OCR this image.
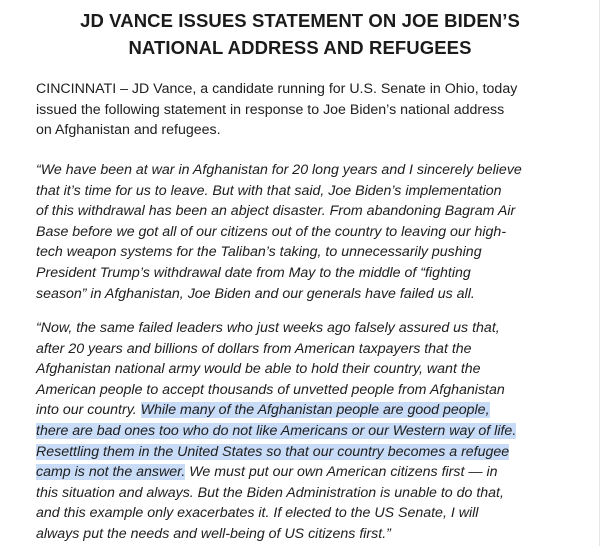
JD VANCE ISSUES STATEMENT ON JOE BIDEN’S
NATIONAL ADDRESS AND REFUGEES
CINCINNATI – JD Vance, a candidate running for U.S. Senate in Ohio, today
issued the following statement in response to Joe Biden’s national address
on Afghanistan and refugees.
“We have been at war in Afghanistan for 20 long years and I sincerely believe
that it’s time for us to leave. But with that said, Joe Biden’s implementation
of this withdrawal has been an abject disaster. From abandoning Bagram Air
Base before we got all of our citizens out of the country to leaving our high-
tech weapon systems for the Taliban’s taking, to unnecessarily pushing
President Trump’s withdrawal date from May to the middle of “fighting
season” in Afghanistan, Joe Biden and our generals have failed us all.
“Now, the same failed leaders who just weeks ago falsely assured us that,
after 20 years and billions of dollars from American taxpayers that the
Afghanistan national army would be able to hold their country, want the
American people to accept thousands of unvetted people from Afghanistan
into our country. While many of the Afghanistan people are good people,
there are bad ones too who do not like Americans or our Western way of life.
Resettling them in the United States so that our country becomes a refugee
camp is not the answer. We must put our own American citizens first — in
this situation and always. But the Biden Administration is unable to do that,
and this example only exacerbates it. If elected to the US Senate, I will
always put the needs and well-being of US citizens first.”
